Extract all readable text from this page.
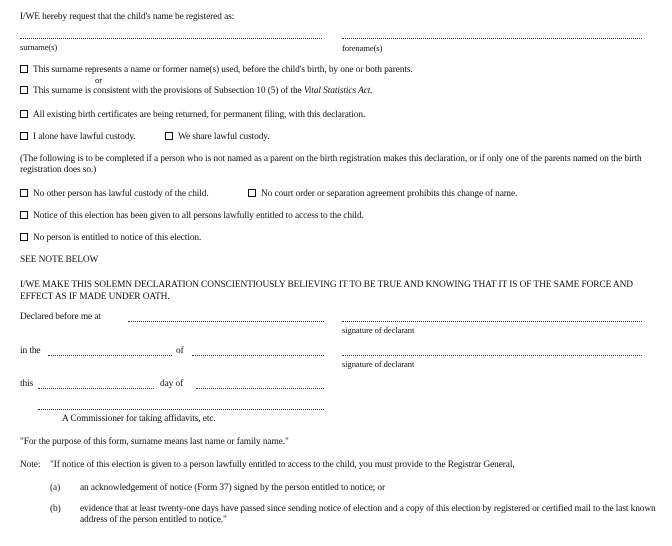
I/WE hereby request that the child's name be registered as:
surname(s)	forename(s)
This surname represents a name or former name(s) used, before the child's birth, by one or both parents.
or
This surname is consistent with the provisions of Subsection 10 (5) of the Vital Statistics Act.
All existing birth certificates are being returned, for permanent filing, with this declaration.
I alone have lawful custody.	We share lawful custody.
(The following is to be completed if a person who is not named as a parent on the birth registration makes this declaration, or if only one of the parents named on the birth registration does so.)
No other person has lawful custody of the child.	No court order or separation agreement prohibits this change of name.
Notice of this election has been given to all persons lawfully entitled to access to the child.
No person is entitled to notice of this election.
SEE NOTE BELOW
I/WE MAKE THIS SOLEMN DECLARATION CONSCIENTIOUSLY BELIEVING IT TO BE TRUE AND KNOWING THAT IT IS OF THE SAME FORCE AND EFFECT AS IF MADE UNDER OATH.
Declared before me at
signature of declarant
in the	of
signature of declarant
this	day of
A Commissioner for taking affidavits, etc.
"For the purpose of this form, surname means last name or family name."
Note: "If notice of this election is given to a person lawfully entitled to access to the child, you must provide to the Registrar General,
(a) an acknowledgement of notice (Form 37) signed by the person entitled to notice; or
(b) evidence that at least twenty-one days have passed since sending notice of election and a copy of this election by registered or certified mail to the last known address of the person entitled to notice."
